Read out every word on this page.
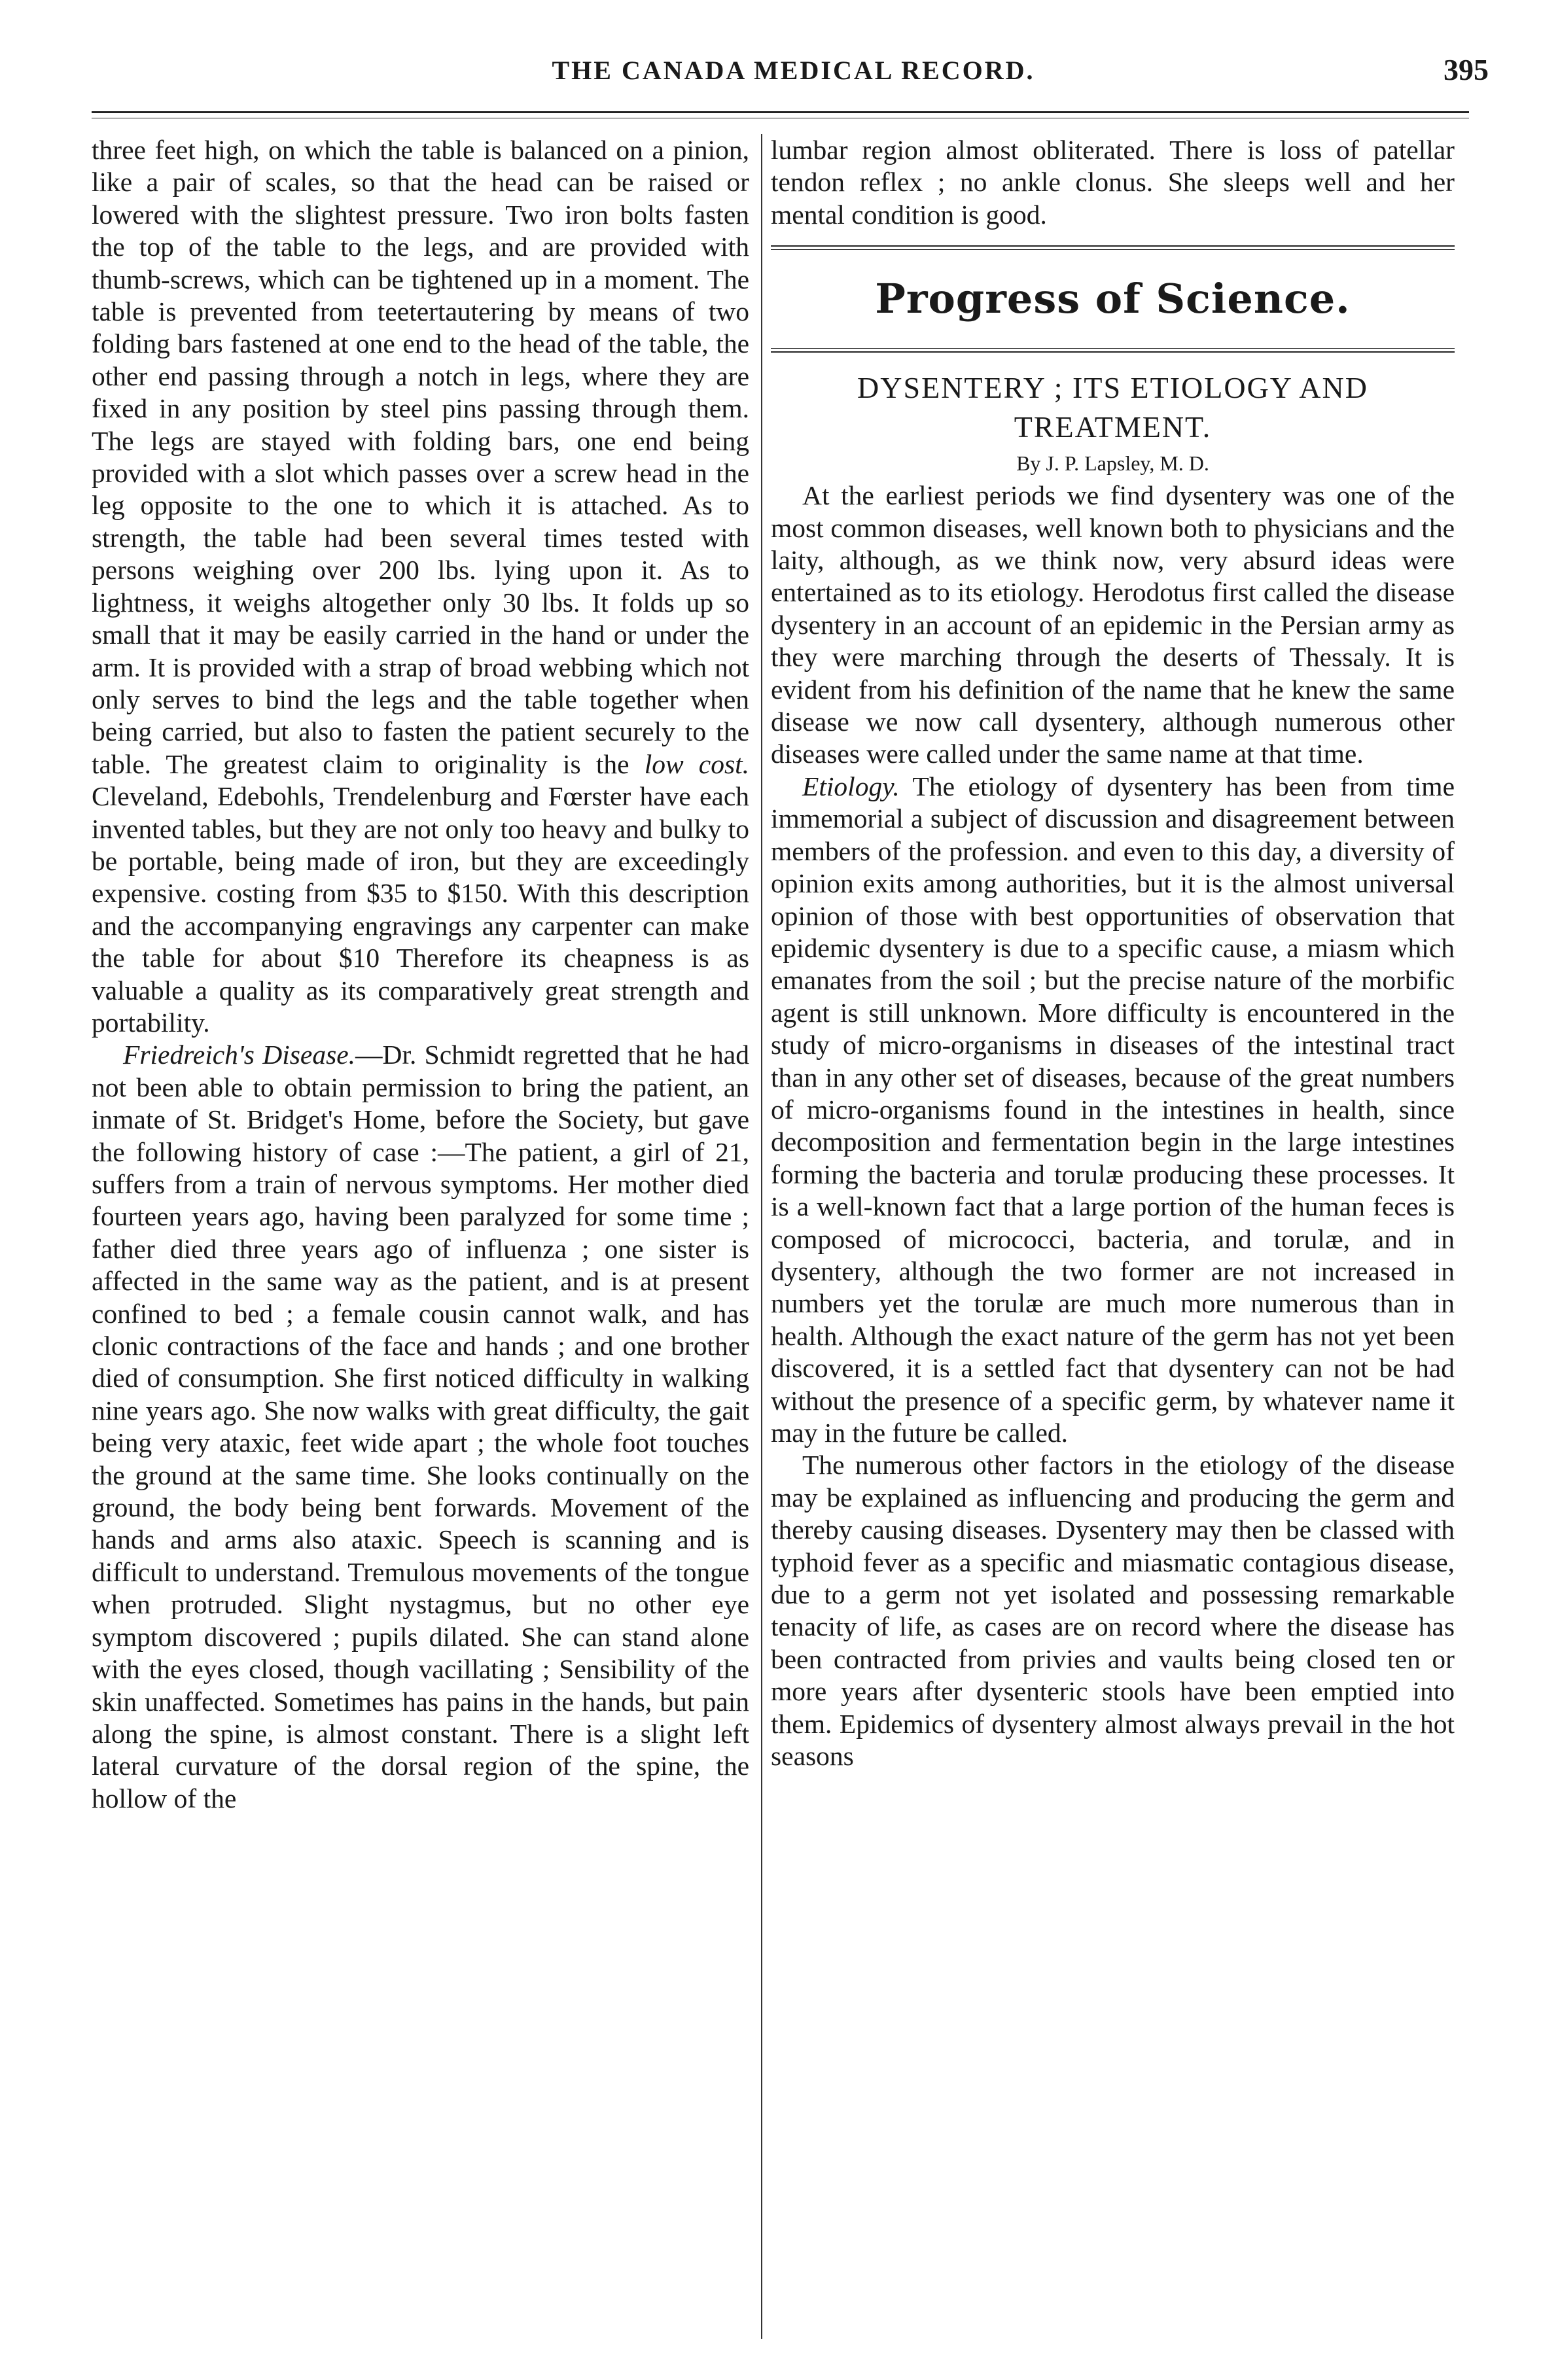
THE CANADA MEDICAL RECORD.	395

three feet high, on which the table is balanced on a pinion, like a pair of scales, so that the head can be raised or lowered with the slightest pressure. Two iron bolts fasten the top of the table to the legs, and are provided with thumb-screws, which can be tightened up in a moment. The table is prevented from teetertautering by means of two folding bars fastened at one end to the head of the table, the other end passing through a notch in legs, where they are fixed in any position by steel pins passing through them. The legs are stayed with folding bars, one end being provided with a slot which passes over a screw head in the leg opposite to the one to which it is attached. As to strength, the table had been several times tested with persons weighing over 200 lbs. lying upon it. As to lightness, it weighs altogether only 30 lbs. It folds up so small that it may be easily carried in the hand or under the arm. It is provided with a strap of broad webbing which not only serves to bind the legs and the table together when being carried, but also to fasten the patient securely to the table. The greatest claim to originality is the low cost. Cleveland, Edebohls, Trendelenburg and Fœrster have each invented tables, but they are not only too heavy and bulky to be portable, being made of iron, but they are exceedingly expensive. costing from $35 to $150. With this description and the accompanying engravings any carpenter can make the table for about $10 Therefore its cheapness is as valuable a quality as its comparatively great strength and portability.

Friedreich's Disease.—Dr. Schmidt regretted that he had not been able to obtain permission to bring the patient, an inmate of St. Bridget's Home, before the Society, but gave the following history of case :—The patient, a girl of 21, suffers from a train of nervous symptoms. Her mother died fourteen years ago, having been paralyzed for some time ; father died three years ago of influenza ; one sister is affected in the same way as the patient, and is at present confined to bed ; a female cousin cannot walk, and has clonic contractions of the face and hands ; and one brother died of consumption. She first noticed difficulty in walking nine years ago. She now walks with great difficulty, the gait being very ataxic, feet wide apart ; the whole foot touches the ground at the same time. She looks continually on the ground, the body being bent forwards. Movement of the hands and arms also ataxic. Speech is scanning and is difficult to understand. Tremulous movements of the tongue when protruded. Slight nystagmus, but no other eye symptom discovered ; pupils dilated. She can stand alone with the eyes closed, though vacillating ; Sensibility of the skin unaffected. Sometimes has pains in the hands, but pain along the spine, is almost constant. There is a slight left lateral curvature of the dorsal region of the spine, the hollow of the

lumbar region almost obliterated. There is loss of patellar tendon reflex ; no ankle clonus. She sleeps well and her mental condition is good.

Progress of Science.
DYSENTERY ; ITS ETIOLOGY AND TREATMENT.
By J. P. Lapsley, M. D.

At the earliest periods we find dysentery was one of the most common diseases, well known both to physicians and the laity, although, as we think now, very absurd ideas were entertained as to its etiology. Herodotus first called the disease dysentery in an account of an epidemic in the Persian army as they were marching through the deserts of Thessaly. It is evident from his definition of the name that he knew the same disease we now call dysentery, although numerous other diseases were called under the same name at that time.

Etiology. The etiology of dysentery has been from time immemorial a subject of discussion and disagreement between members of the profession. and even to this day, a diversity of opinion exits among authorities, but it is the almost universal opinion of those with best opportunities of observation that epidemic dysentery is due to a specific cause, a miasm which emanates from the soil ; but the precise nature of the morbific agent is still unknown. More difficulty is encountered in the study of micro-organisms in diseases of the intestinal tract than in any other set of diseases, because of the great numbers of micro-organisms found in the intestines in health, since decomposition and fermentation begin in the large intestines forming the bacteria and torulæ producing these processes. It is a well-known fact that a large portion of the human feces is composed of micrococci, bacteria, and torulæ, and in dysentery, although the two former are not increased in numbers yet the torulæ are much more numerous than in health. Although the exact nature of the germ has not yet been discovered, it is a settled fact that dysentery can not be had without the presence of a specific germ, by whatever name it may in the future be called.

The numerous other factors in the etiology of the disease may be explained as influencing and producing the germ and thereby causing diseases. Dysentery may then be classed with typhoid fever as a specific and miasmatic contagious disease, due to a germ not yet isolated and possessing remarkable tenacity of life, as cases are on record where the disease has been contracted from privies and vaults being closed ten or more years after dysenteric stools have been emptied into them. Epidemics of dysentery almost always prevail in the hot seasons
